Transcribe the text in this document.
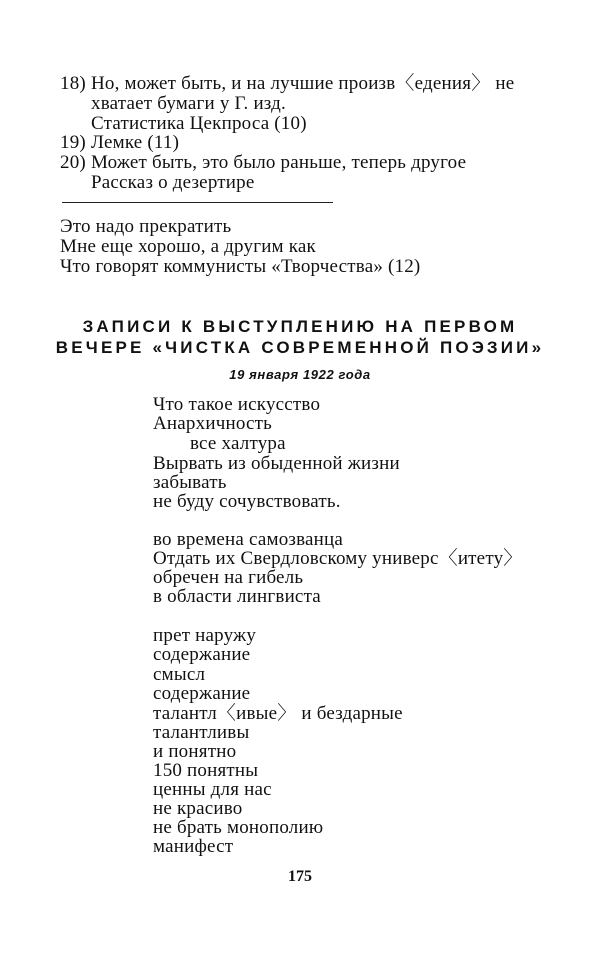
18) Но, может быть, и на лучшие произв〈едения〉 не
хватает бумаги у Г. изд.
Статистика Цекпроса (10)
19) Лемке (11)
20) Может быть, это было раньше, теперь другое
Рассказ о дезертире
Это надо прекратить
Мне еще хорошо, а другим как
Что говорят коммунисты «Творчества» (12)
ЗАПИСИ К ВЫСТУПЛЕНИЮ НА ПЕРВОМ
ВЕЧЕРЕ «ЧИСТКА СОВРЕМЕННОЙ ПОЭЗИИ»
19 января 1922 года
Что такое искусство
Анархичность
все халтура
Вырвать из обыденной жизни
забывать
не буду сочувствовать.
во времена самозванца
Отдать их Свердловскому универс〈итету〉
обречен на гибель
в области лингвиста
прет наружу
содержание
смысл
содержание
талантл〈ивые〉 и бездарные
талантливы
и понятно
150 понятны
ценны для нас
не красиво
не брать монополию
манифест
175
